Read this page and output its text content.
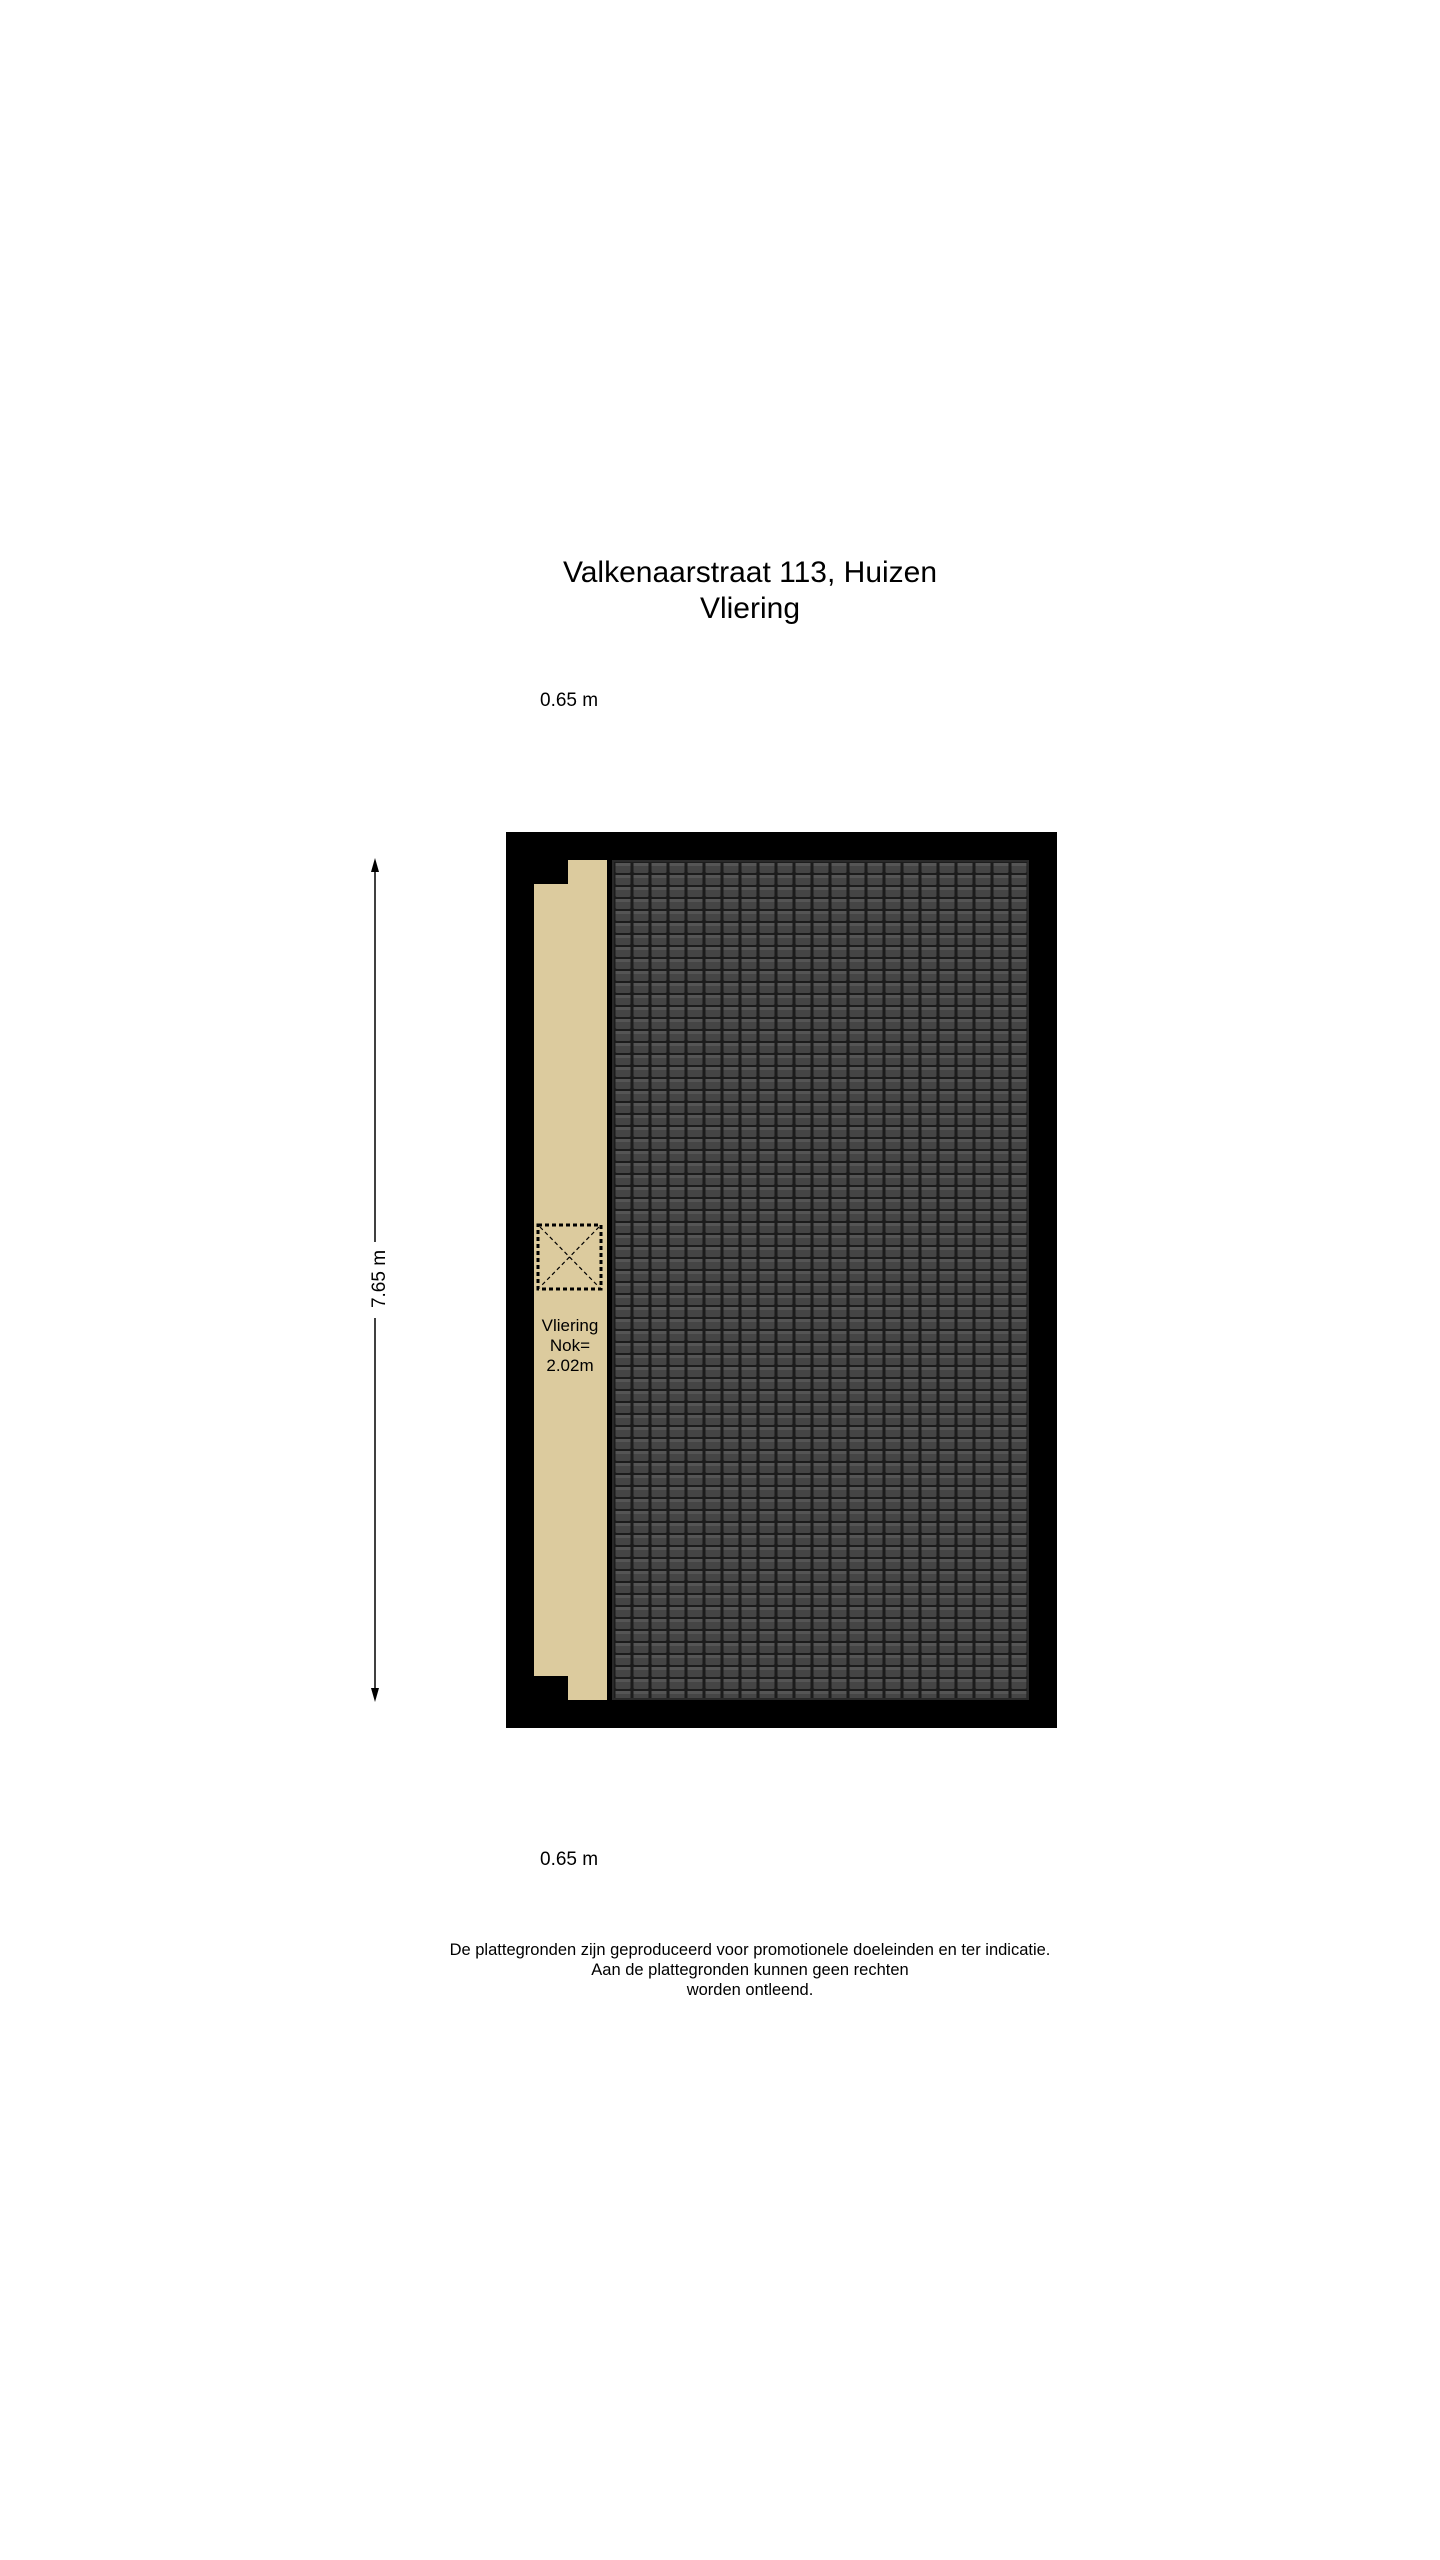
Valkenaarstraat 113, Huizen
Vliering
0.65 m
7.65 m
Vliering
Nok=
2.02m
0.65 m
De plattegronden zijn geproduceerd voor promotionele doeleinden en ter indicatie.
Aan de plattegronden kunnen geen rechten
worden ontleend.
